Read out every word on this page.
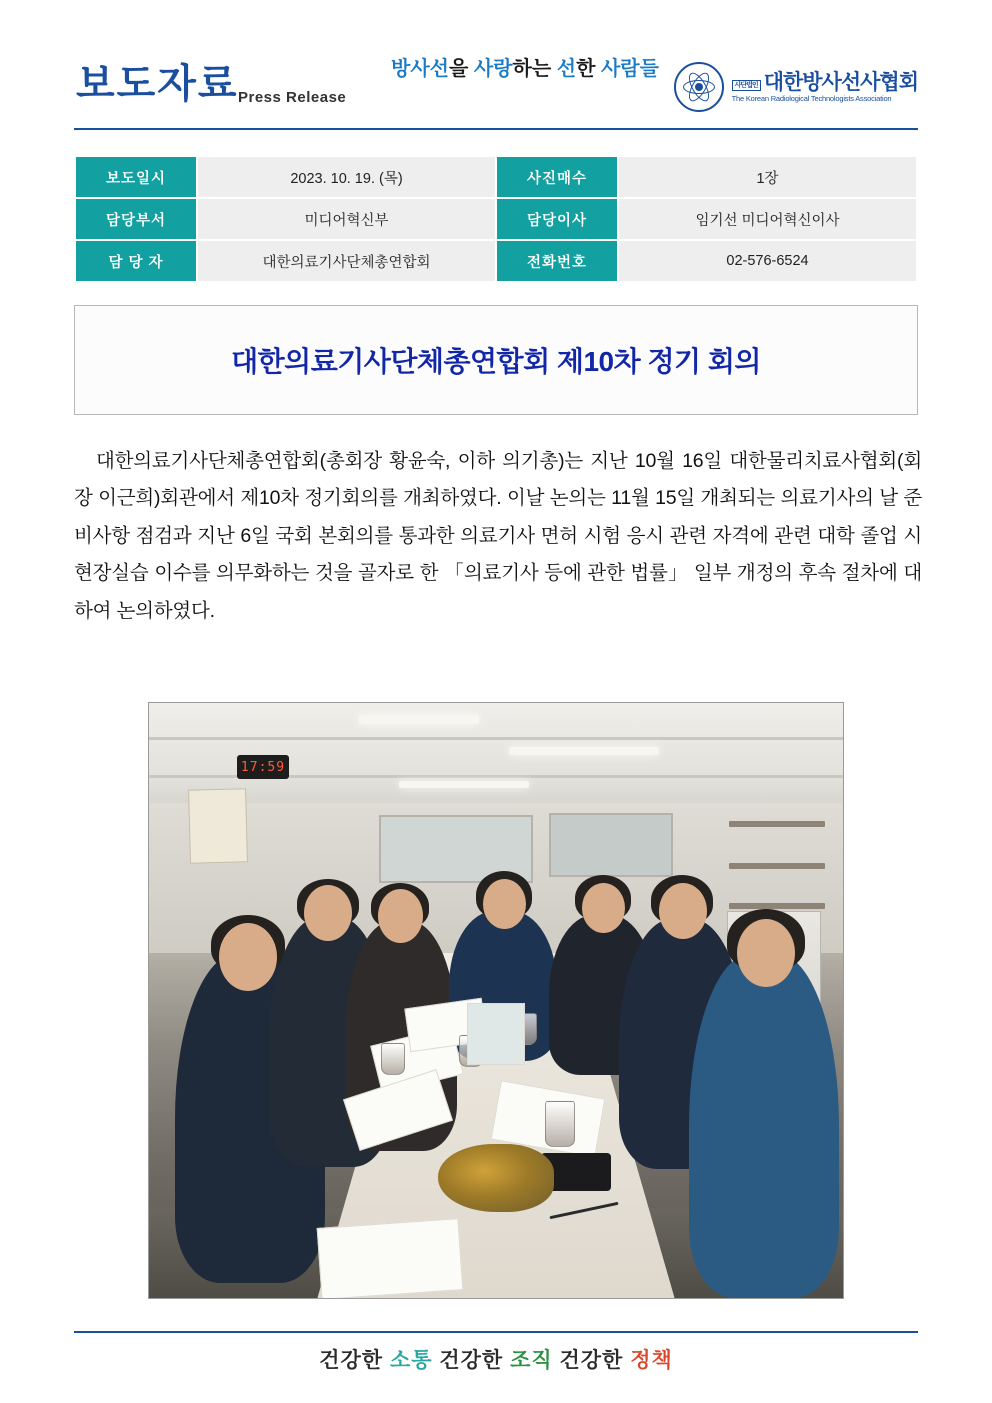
보도자료 Press Release
방사선을 사랑하는 선한 사람들
사단법인 대한방사선사협회
The Korean Radiological Technologists Association
보도일시	2023. 10. 19. (목)	사진매수	1장
담당부서	미디어혁신부	담당이사	임기선 미디어혁신이사
담 당 자	대한의료기사단체총연합회	전화번호	02-576-6524
대한의료기사단체총연합회 제10차 정기 회의
대한의료기사단체총연합회(총회장 황윤숙, 이하 의기총)는 지난 10월 16일 대한물리치료사협회(회장 이근희)회관에서 제10차 정기회의를 개최하였다. 이날 논의는 11월 15일 개최되는 의료기사의 날 준비사항 점검과 지난 6일 국회 본회의를 통과한 의료기사 면허 시험 응시 관련 자격에 관련 대학 졸업 시 현장실습 이수를 의무화하는 것을 골자로 한 「의료기사 등에 관한 법률」 일부 개정의 후속 절차에 대하여 논의하였다.
17:59
건강한 소통 건강한 조직 건강한 정책
